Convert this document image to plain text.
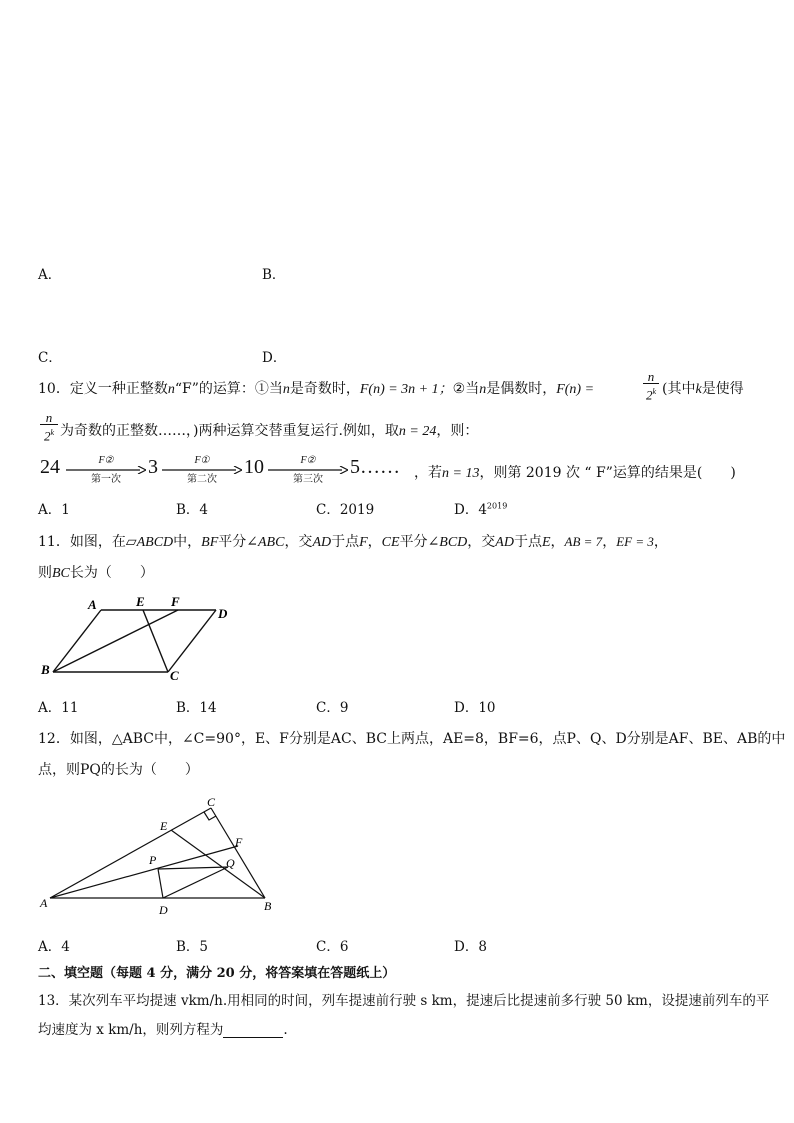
A．	B．
C．	D．
10．定义一种正整数n“F”的运算：①当n是奇数时，F(n) = 3n + 1；②当n是偶数时，F(n) =
n
2$^k$ (其中k是使得
n
2$^k$ 为奇数的正整数……，)两种运算交替重复运行.例如，取n = 24，则：
24	F②
第一次
3	F①
第二次
10	F②
第三次
5…… ，若n = 13，则第 2019 次 “ F”运算的结果是(　　)
A．1	B．4	C．2019	D．$4^{2019}$
11．如图，在▱ABCD中，BF平分∠ABC，交AD于点F，CE平分∠BCD，交AD于点E，AB = 7，EF = 3，
则BC长为（　　）
A	E F
D
B	C
A．11	B．14	C．9	D．10
12．如图，△ABC中，∠C=90°，E、F分别是AC、BC上两点，AE=8，BF=6，点P、Q、D分别是AF、BE、AB的中
点，则PQ的长为（　　）
C
E
F
P	Q
A	D	B
A．4	B．5	C．6	D．8
二、填空题（每题 4 分，满分 20 分，将答案填在答题纸上）
13．某次列车平均提速 vkm/h.用相同的时间，列车提速前行驶 s km，提速后比提速前多行驶 50 km，设提速前列车的平
均速度为 x km/h，则列方程为	.
